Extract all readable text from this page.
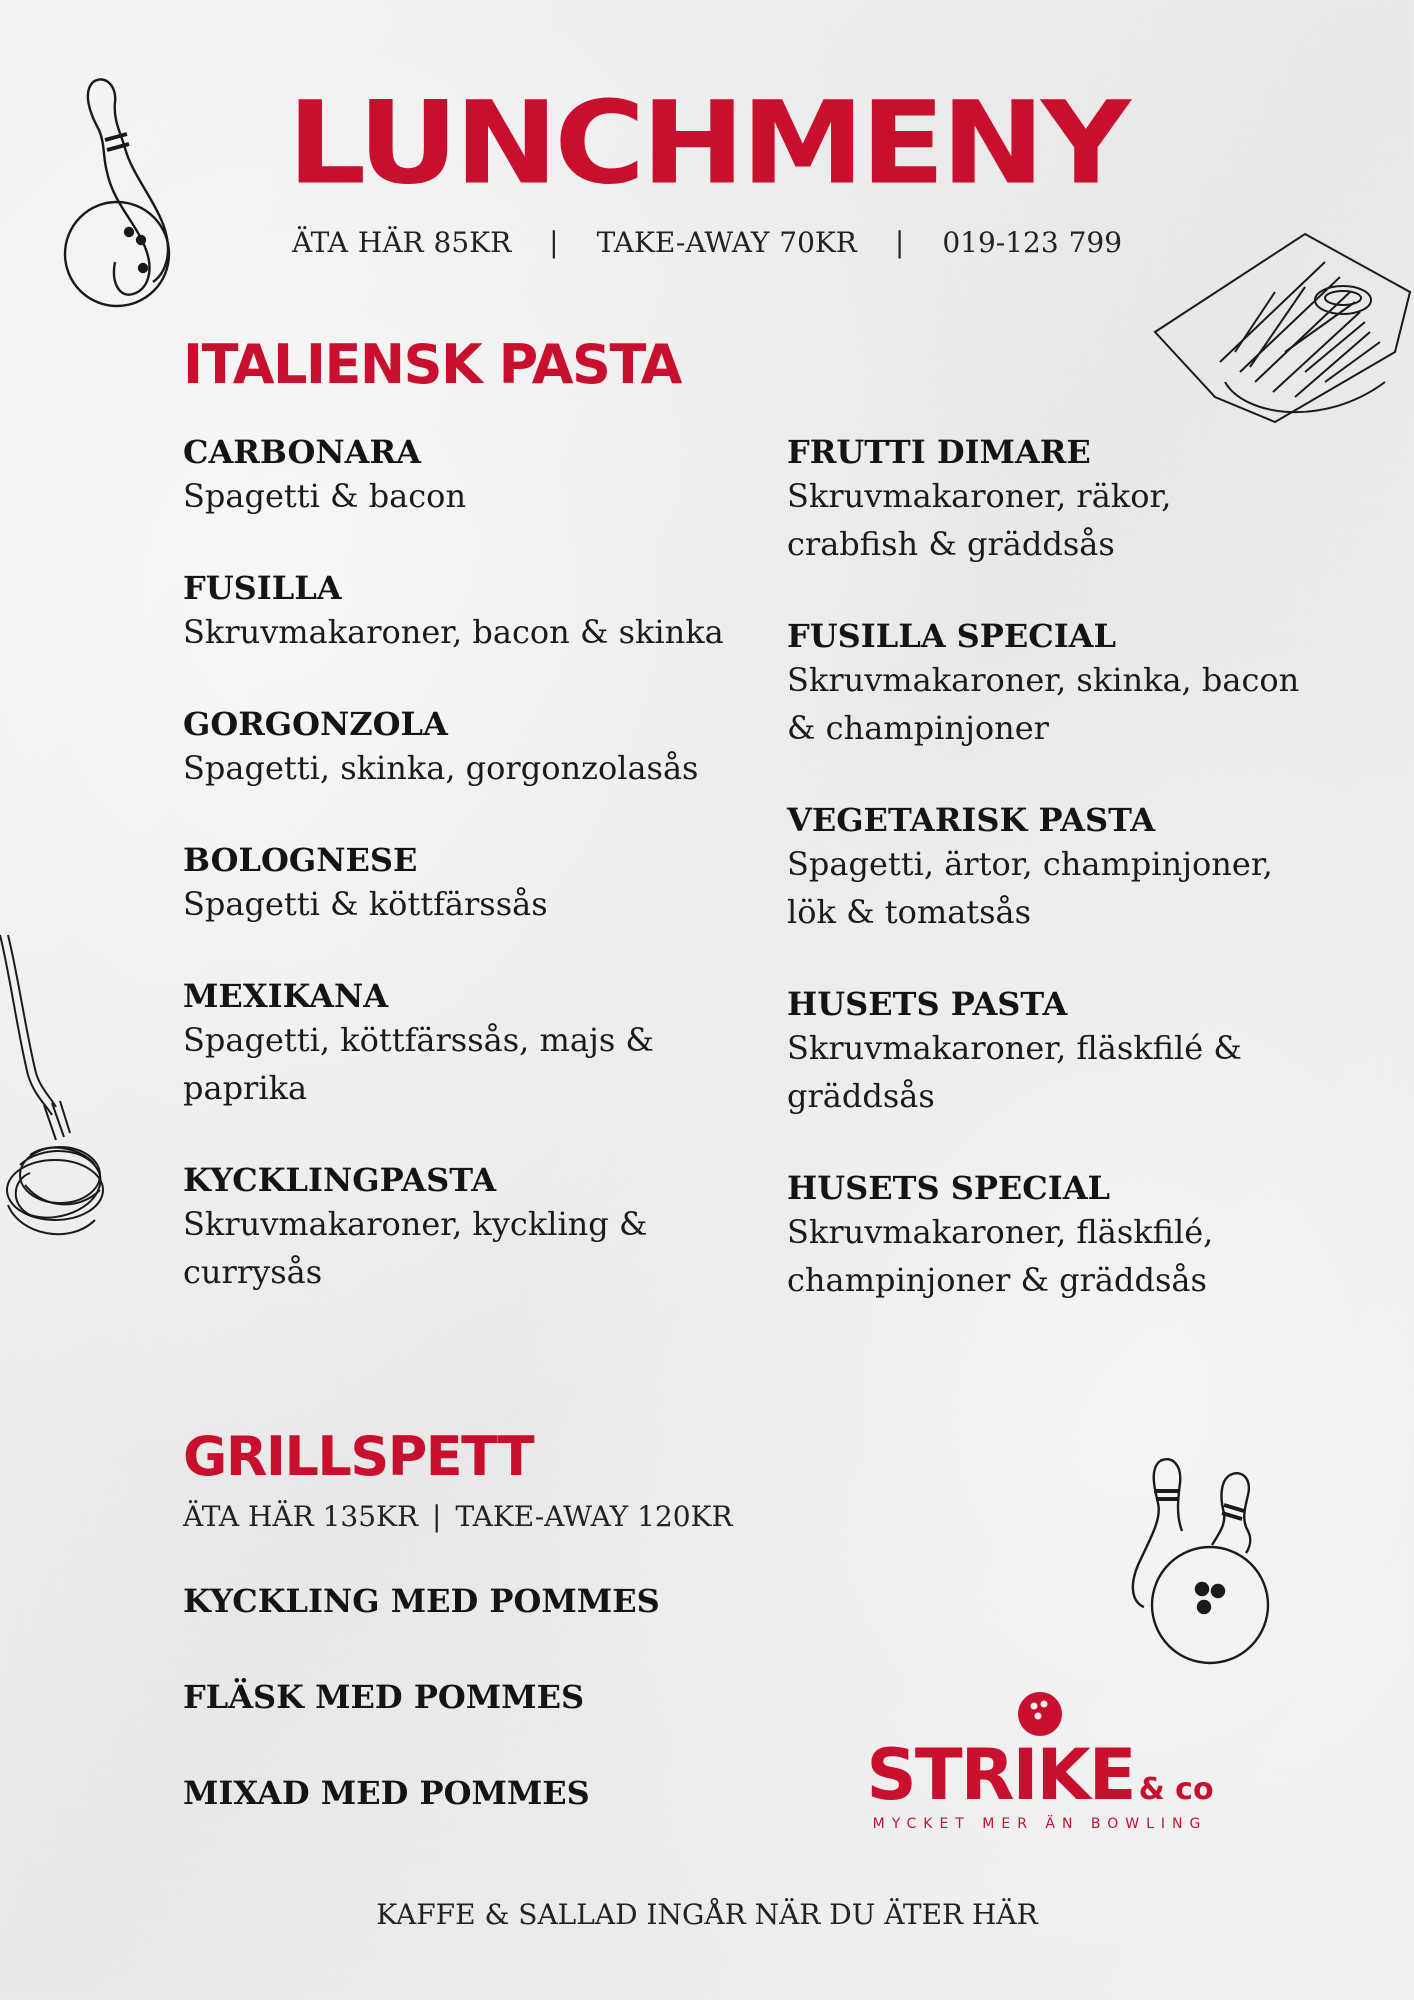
LUNCHMENY
ÄTA HÄR 85KR | TAKE-AWAY 70KR | 019-123 799
ITALIENSK PASTA
CARBONARA
Spagetti & bacon
FUSILLA
Skruvmakaroner, bacon & skinka
GORGONZOLA
Spagetti, skinka, gorgonzolasås
BOLOGNESE
Spagetti & köttfärssås
MEXIKANA
Spagetti, köttfärssås, majs & paprika
KYCKLINGPASTA
Skruvmakaroner, kyckling & currysås
FRUTTI DIMARE
Skruvmakaroner, räkor, crabfish & gräddsås
FUSILLA SPECIAL
Skruvmakaroner, skinka, bacon & champinjoner
VEGETARISK PASTA
Spagetti, ärtor, champinjoner, lök & tomatsås
HUSETS PASTA
Skruvmakaroner, fläskfilé & gräddsås
HUSETS SPECIAL
Skruvmakaroner, fläskfilé, champinjoner & gräddsås
GRILLSPETT
ÄTA HÄR 135KR | TAKE-AWAY 120KR
KYCKLING MED POMMES
FLÄSK MED POMMES
MIXAD MED POMMES	STRIKE & co
MYCKET MER ÄN BOWLING
KAFFE & SALLAD INGÅR NÄR DU ÄTER HÄR
